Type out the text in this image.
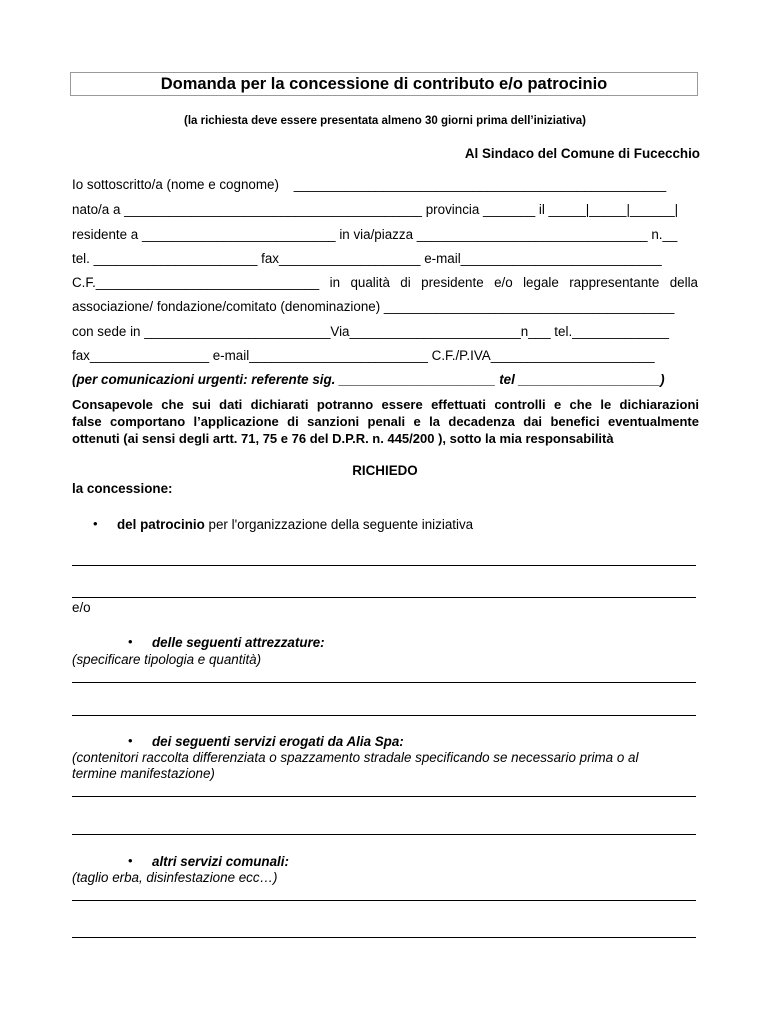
Domanda per la concessione di contributo e/o patrocinio
(la richiesta deve essere presentata almeno 30 giorni prima dell’iniziativa)
Al Sindaco del Comune di Fucecchio
Io sottoscritto/a (nome e cognome)    __________________________________________________
nato/a a ________________________________________ provincia _______ il _____|_____|______|
residente a __________________________ in via/piazza _______________________________ n.__
tel. ______________________ fax___________________ e-mail___________________________
C.F.______________________________ in qualità di presidente e/o legale rappresentante della
associazione/ fondazione/comitato (denominazione) _______________________________________
con sede in _________________________Via_______________________n___ tel._____________
fax________________ e-mail________________________ C.F./P.IVA______________________
(per comunicazioni urgenti: referente sig. _____________________ tel ___________________)
Consapevole che sui dati dichiarati potranno essere effettuati controlli e che le dichiarazioni
false comportano l’applicazione di sanzioni penali e la decadenza dai benefici eventualmente
ottenuti (ai sensi degli artt. 71, 75 e 76 del D.P.R. n. 445/200 ), sotto la mia responsabilità
RICHIEDO
la concessione:
• del patrocinio per l'organizzazione della seguente iniziativa
e/o
• delle seguenti attrezzature:
(specificare tipologia e quantità)
• dei seguenti servizi erogati da Alia Spa:
(contenitori raccolta differenziata o spazzamento stradale specificando se necessario prima o al
termine manifestazione)
• altri servizi comunali:
(taglio erba, disinfestazione ecc…)
